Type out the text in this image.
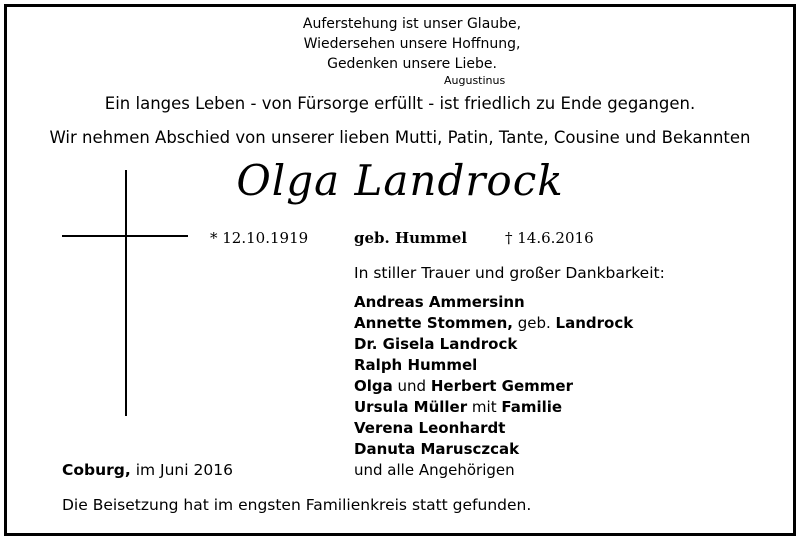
Auferstehung ist unser Glaube,
Wiedersehen unsere Hoffnung,
Gedenken unsere Liebe.
Augustinus
Ein langes Leben - von Fürsorge erfüllt - ist friedlich zu Ende gegangen.
Wir nehmen Abschied von unserer lieben Mutti, Patin, Tante, Cousine und Bekannten
Olga Landrock
* 12.10.1919	geb. Hummel	† 14.6.2016
In stiller Trauer und großer Dankbarkeit:
Andreas Ammersinn
Annette Stommen, geb. Landrock
Dr. Gisela Landrock
Ralph Hummel
Olga und Herbert Gemmer
Ursula Müller mit Familie
Verena Leonhardt
Danuta Marusczcak
und alle Angehörigen
Coburg, im Juni 2016
Die Beisetzung hat im engsten Familienkreis statt gefunden.
